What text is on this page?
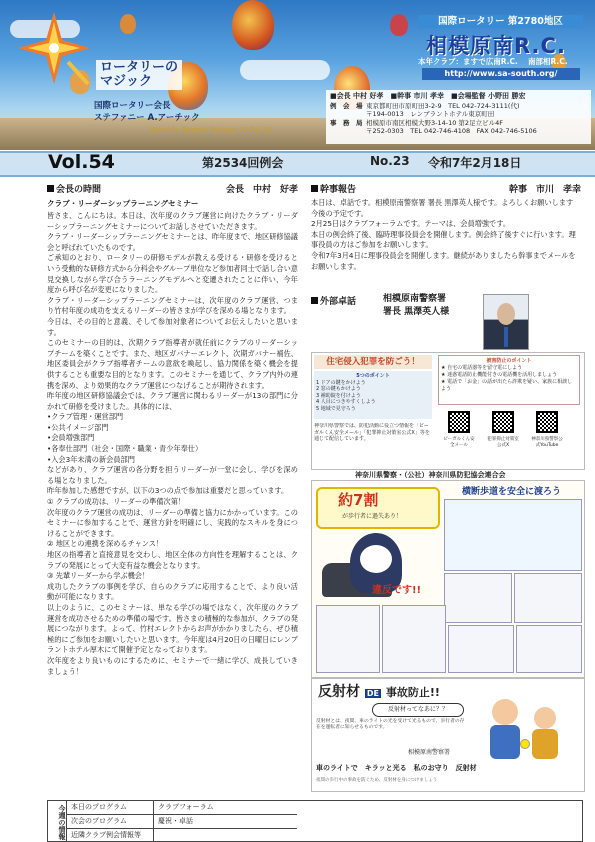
ロータリーの
マジック
国際ロータリー会長
ステファニー A.アーチック
Weekly Report Rotary 2024-25
国際ロータリー 第2780地区
相模原南R.C.
本年クラブ：ますで広南R.C. 　南部相R.C.
http://www.sa-south.org/
■会長 中村 好孝　■幹事 市川 孝幸　■会場監督 小野田 勝宏
例　会　場 東京都町田市原町田3-2-9　TEL 042-724-3111(代)
〒194-0013　レンブラントホテル東京町田
事　務　局 相模原市南区相模大野3-14-10 第2足立ビル4F
〒252-0303　TEL 042-746-4108　FAX 042-746-5106
Vol.54	第2534回例会	No.23 令和7年2月18日
会長の時間	会長　中村　好孝
クラブ・リーダーシップラーニングセミナー

皆さま、こんにちは。本日は、次年度のクラブ運営に向けたクラブ・リーダーシップラーニングセミナーについてお話しさせていただきます。

クラブ・リーダーシップラーニングセミナーとは、昨年度まで、地区研修協議会と呼ばれていたものです。

ご承知のとおり、ロータリーの研修モデルが教える受ける・研修を受けるという受動的な研修方式から分科会やグループ単位など参加者同士で話し合い意見交換しながら学び合うラーニングモデルへと変遷されたことに伴い、今年度から呼び名が変更になりました。

クラブ・リーダーシップラーニングセミナーは、次年度のクラブ運営、つまり竹村年度の成功を支えるリーダーの皆さまが学びを深める場となります。

今日は、その目的と意義、そして参加対象者についてお伝えしたいと思います。

このセミナーの目的は、次期クラブ指導者が就任前にクラブのリーダーシップチームを築くことです。また、地区ガバナーエレクト、次期ガバナー補佐、地区委員会がクラブ指導者チームの意欲を喚起し、協力関係を築く機会を提供することも重要な目的となります。このセミナーを通じて、クラブ内外の連携を深め、より効果的なクラブ運営につなげることが期待されます。

昨年度の地区研修協議会では、クラブ運営に関わるリーダーが13の部門に分かれて研修を受けました。具体的には、

•クラブ管理・運営部門

•公共イメージ部門

•会員増強部門

•各奉仕部門（社会・国際・職業・青少年奉仕）

•入会3年未満の新会員部門

などがあり、クラブ運営の各分野を担うリーダーが一堂に会し、学びを深める場となりました。

昨年参加した感想ですが、以下の3つの点で参加は重要だと思っています。

① クラブの成功は、リーダーの準備次第！

次年度のクラブ運営の成功は、リーダーの準備と協力にかかっています。このセミナーに参加することで、運営方針を明確にし、実践的なスキルを身につけることができます。

② 地区との連携を深めるチャンス！

地区の指導者と直接意見を交わし、地区全体の方向性を理解することは、クラブの発展にとって大変有益な機会となります。

③ 先輩リーダーから学ぶ機会！

成功したクラブの事例を学び、自らのクラブに応用することで、より良い活動が可能になります。

以上のように、このセミナーは、単なる学びの場ではなく、次年度のクラブ運営を成功させるための準備の場です。皆さまの積極的な参加が、クラブの発展につながります。よって、竹村エレクトからお声がかかりましたら、ぜひ積極的にご参加をお願いしたいと思います。今年度は4月20日の日曜日にレンブラントホテル厚木にて開催予定となっております。

次年度をより良いものにするために、セミナーで一緒に学び、成長していきましょう！

幹事報告	幹事　市川　孝幸

本日は、卓話です。相模原南警察署 署長 黒澤英人様です。よろしくお願いします

今後の予定です。

2月25日はクラブフォーラムです。テーマは、会員増強です。

本日の例会終了後、臨時理事役員会を開催します。例会終了後すぐに行います。理事役員の方はご参加をお願いします。

令和7年3月4日に理事役員会を開催します。継続がありましたら幹事までメールをお願いします。

外部卓話	相模原南警察署
署長 黒澤英人様
住宅侵入犯罪を防ごう！
5つのポイント
1 ドアの鍵をかけよう
2 窓の鍵もかけよう
3 補助錠を付けよう
4 人目につきやすくしよう
5 地域で見守ろう
被害防止のポイント
★ 自宅の電話器等を留守電にしよう
★ 迷惑電話防止機能付きの電話機を活用しましょう
★ 電話で「お金」の話が出たら詐欺を疑い、家族に相談しよう
神奈川県警察では、防犯活動に役立つ情報を「ピーガルくん安全メール」「犯罪抑止対策室公式X」等を通じて配信しています。	ピーガルくん安全メール
犯罪抑止対策室公式X
神奈川県警察公式YouTube
神奈川県警察・（公社）神奈川県防犯協会連合会
約7割
が歩行者に過失あり！
横断歩道を安全に渡ろう
違反です!!
反射材 DE 事故防止!!
反射材ってなあに？？
反射材とは、夜間、車のライトの光を受けて光るもので、歩行者の存在を運転者に知らせるものです。
相模原南警察署
車のライトで　キラッと光る　私のお守り　反射材
夜間の歩行中の事故を防ぐため、反射材を身につけましょう
今週の情報 本日のプログラム	クラブフォーラム
次会のプログラム	慶祝・卓話
近隣クラブ例会情報等
